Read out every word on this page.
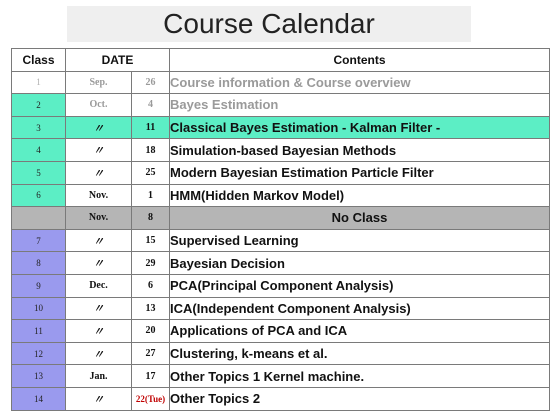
Course Calendar
Class	DATE		Contents
1	Sep.	26	Course information & Course overview
2	Oct.	4	Bayes Estimation
3	〃	11	Classical Bayes Estimation - Kalman Filter -
4	〃	18	Simulation-based Bayesian Methods
5	〃	25	Modern Bayesian Estimation Particle Filter
6	Nov.	1	HMM(Hidden Markov Model)
	Nov.	8	No Class
7	〃	15	Supervised Learning
8	〃	29	Bayesian Decision
9	Dec.	6	PCA(Principal Component Analysis)
10	〃	13	ICA(Independent Component Analysis)
11	〃	20	Applications of PCA and ICA
12	〃	27	Clustering, k-means et al.
13	Jan.	17	Other Topics 1 Kernel machine.
14	〃	22(Tue)	Other Topics 2
